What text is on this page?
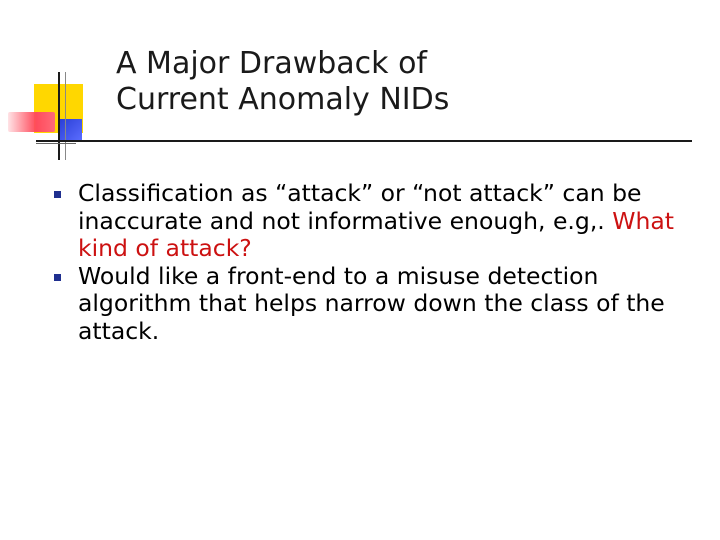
A Major Drawback of
Current Anomaly NIDs
Classification as “attack” or “not attack” can be inaccurate and not informative enough, e.g,. What kind of attack?
Would like a front-end to a misuse detection algorithm that helps narrow down the class of the attack.
